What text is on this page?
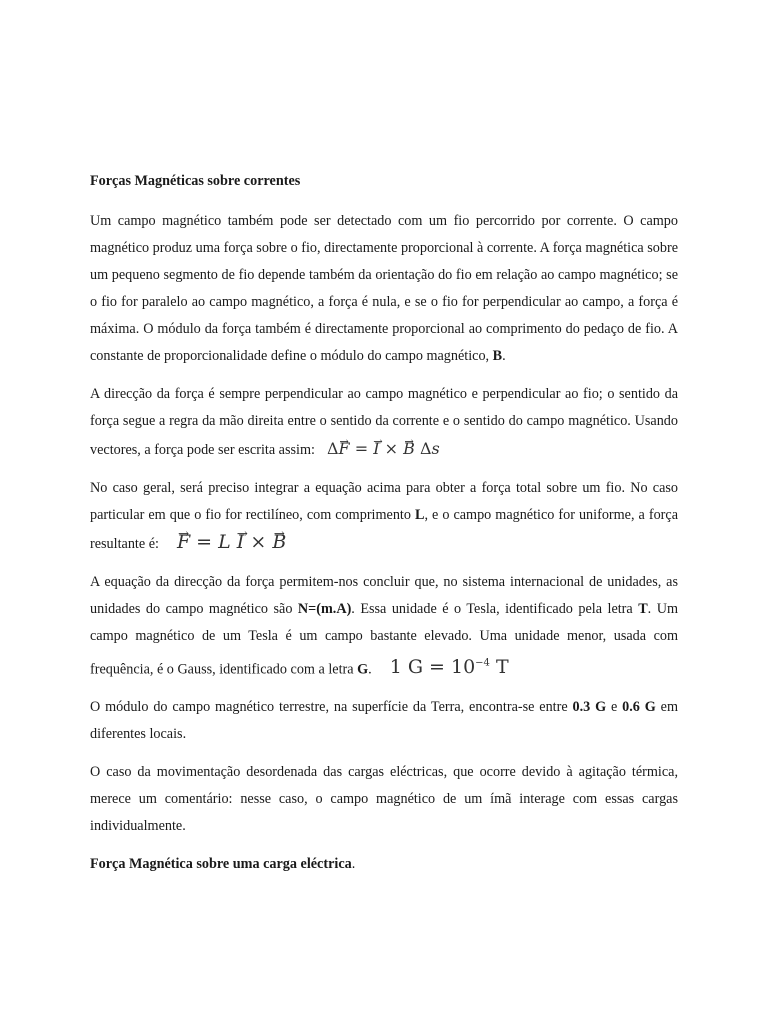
Forças Magnéticas sobre correntes

Um campo magnético também pode ser detectado com um fio percorrido por corrente. O campo magnético produz uma força sobre o fio, directamente proporcional à corrente. A força magnética sobre um pequeno segmento de fio depende também da orientação do fio em relação ao campo magnético; se o fio for paralelo ao campo magnético, a força é nula, e se o fio for perpendicular ao campo, a força é máxima. O módulo da força também é directamente proporcional ao comprimento do pedaço de fio. A constante de proporcionalidade define o módulo do campo magnético, B.

A direcção da força é sempre perpendicular ao campo magnético e perpendicular ao fio; o sentido da força segue a regra da mão direita entre o sentido da corrente e o sentido do campo magnético. Usando vectores, a força pode ser escrita assim: Δ→ F = → I × → B Δs

No caso geral, será preciso integrar a equação acima para obter a força total sobre um fio. No caso particular em que o fio for rectilíneo, com comprimento L, e o campo magnético for uniforme, a força resultante é: → F = L → I × → B

A equação da direcção da força permitem-nos concluir que, no sistema internacional de unidades, as unidades do campo magnético são N=(m.A). Essa unidade é o Tesla, identificado pela letra T. Um campo magnético de um Tesla é um campo bastante elevado. Uma unidade menor, usada com frequência, é o Gauss, identificado com a letra G. 1 $G = 10^{-4}$ T

O módulo do campo magnético terrestre, na superfície da Terra, encontra-se entre 0.3 G e 0.6 G em diferentes locais.

O caso da movimentação desordenada das cargas eléctricas, que ocorre devido à agitação térmica, merece um comentário: nesse caso, o campo magnético de um ímã interage com essas cargas individualmente.

Força Magnética sobre uma carga eléctrica.
